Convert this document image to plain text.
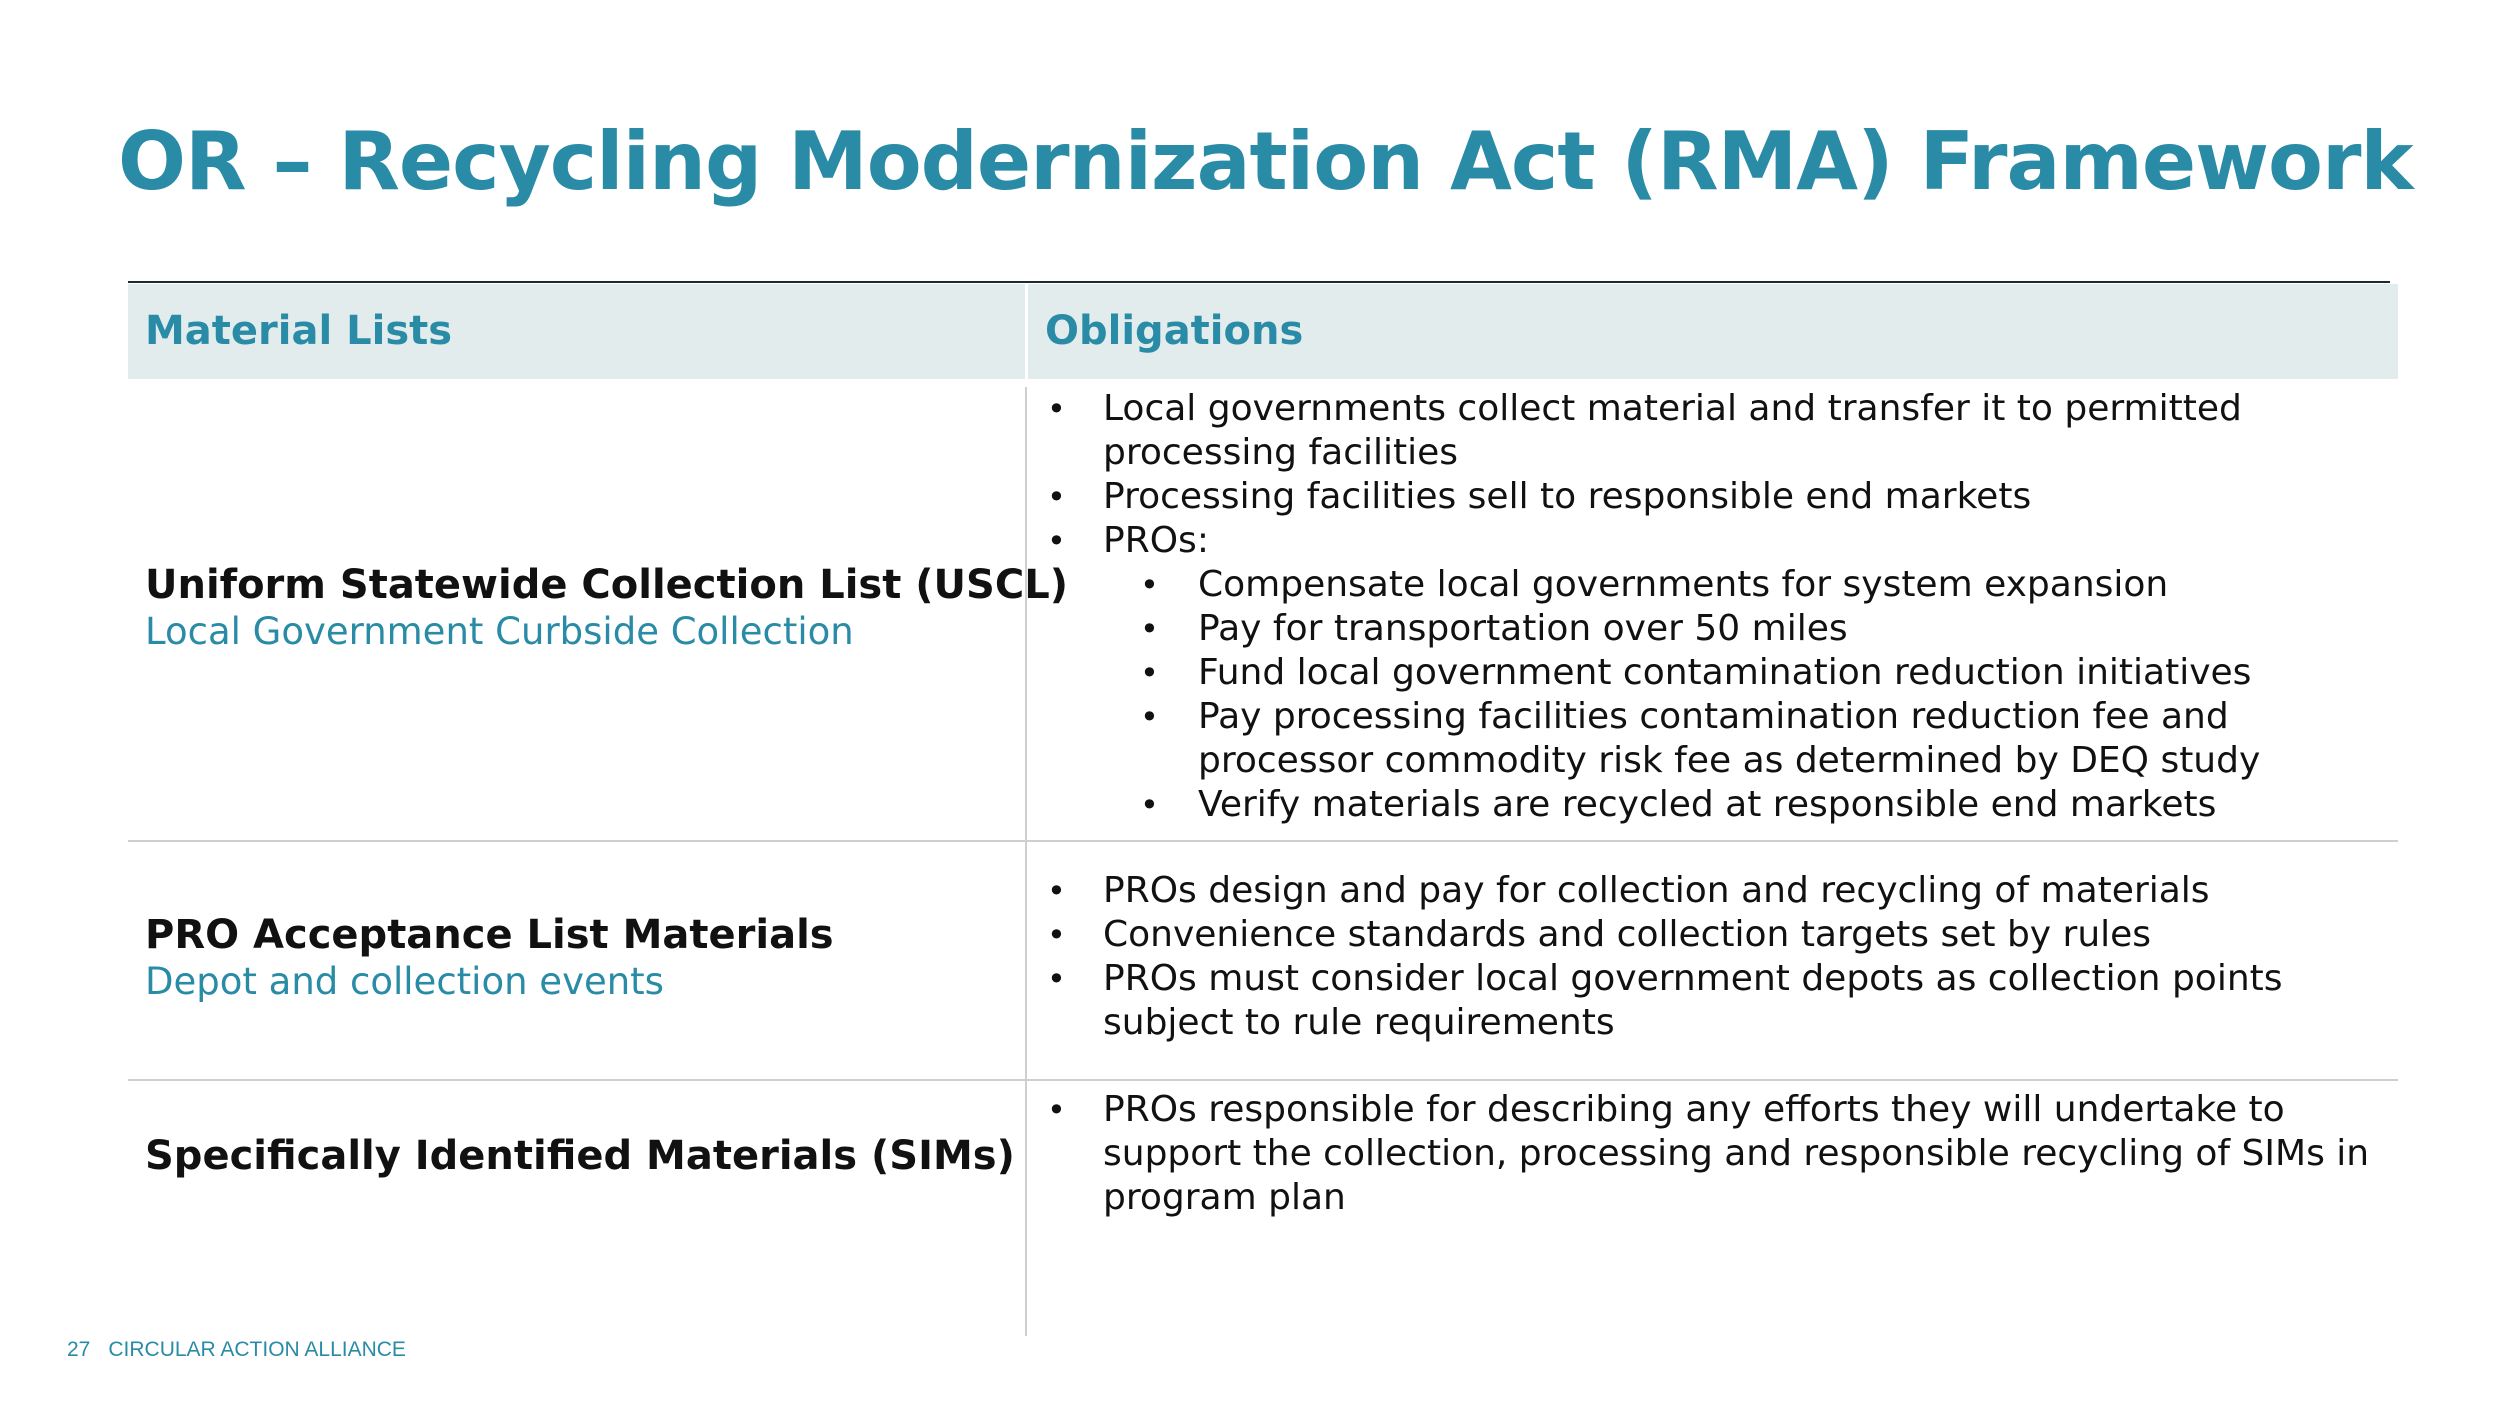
OR – Recycling Modernization Act (RMA) Framework
Material Lists	Obligations
Uniform Statewide Collection List (USCL)
Local Government Curbside Collection
• Local governments collect material and transfer it to permitted processing facilities
• Processing facilities sell to responsible end markets
• PROs:
• Compensate local governments for system expansion
• Pay for transportation over 50 miles
• Fund local government contamination reduction initiatives
• Pay processing facilities contamination reduction fee and processor commodity risk fee as determined by DEQ study
• Verify materials are recycled at responsible end markets
PRO Acceptance List Materials
Depot and collection events
• PROs design and pay for collection and recycling of materials
• Convenience standards and collection targets set by rules
• PROs must consider local government depots as collection points subject to rule requirements
Specifically Identified Materials (SIMs)
• PROs responsible for describing any efforts they will undertake to support the collection, processing and responsible recycling of SIMs in program plan
27 CIRCULAR ACTION ALLIANCE
